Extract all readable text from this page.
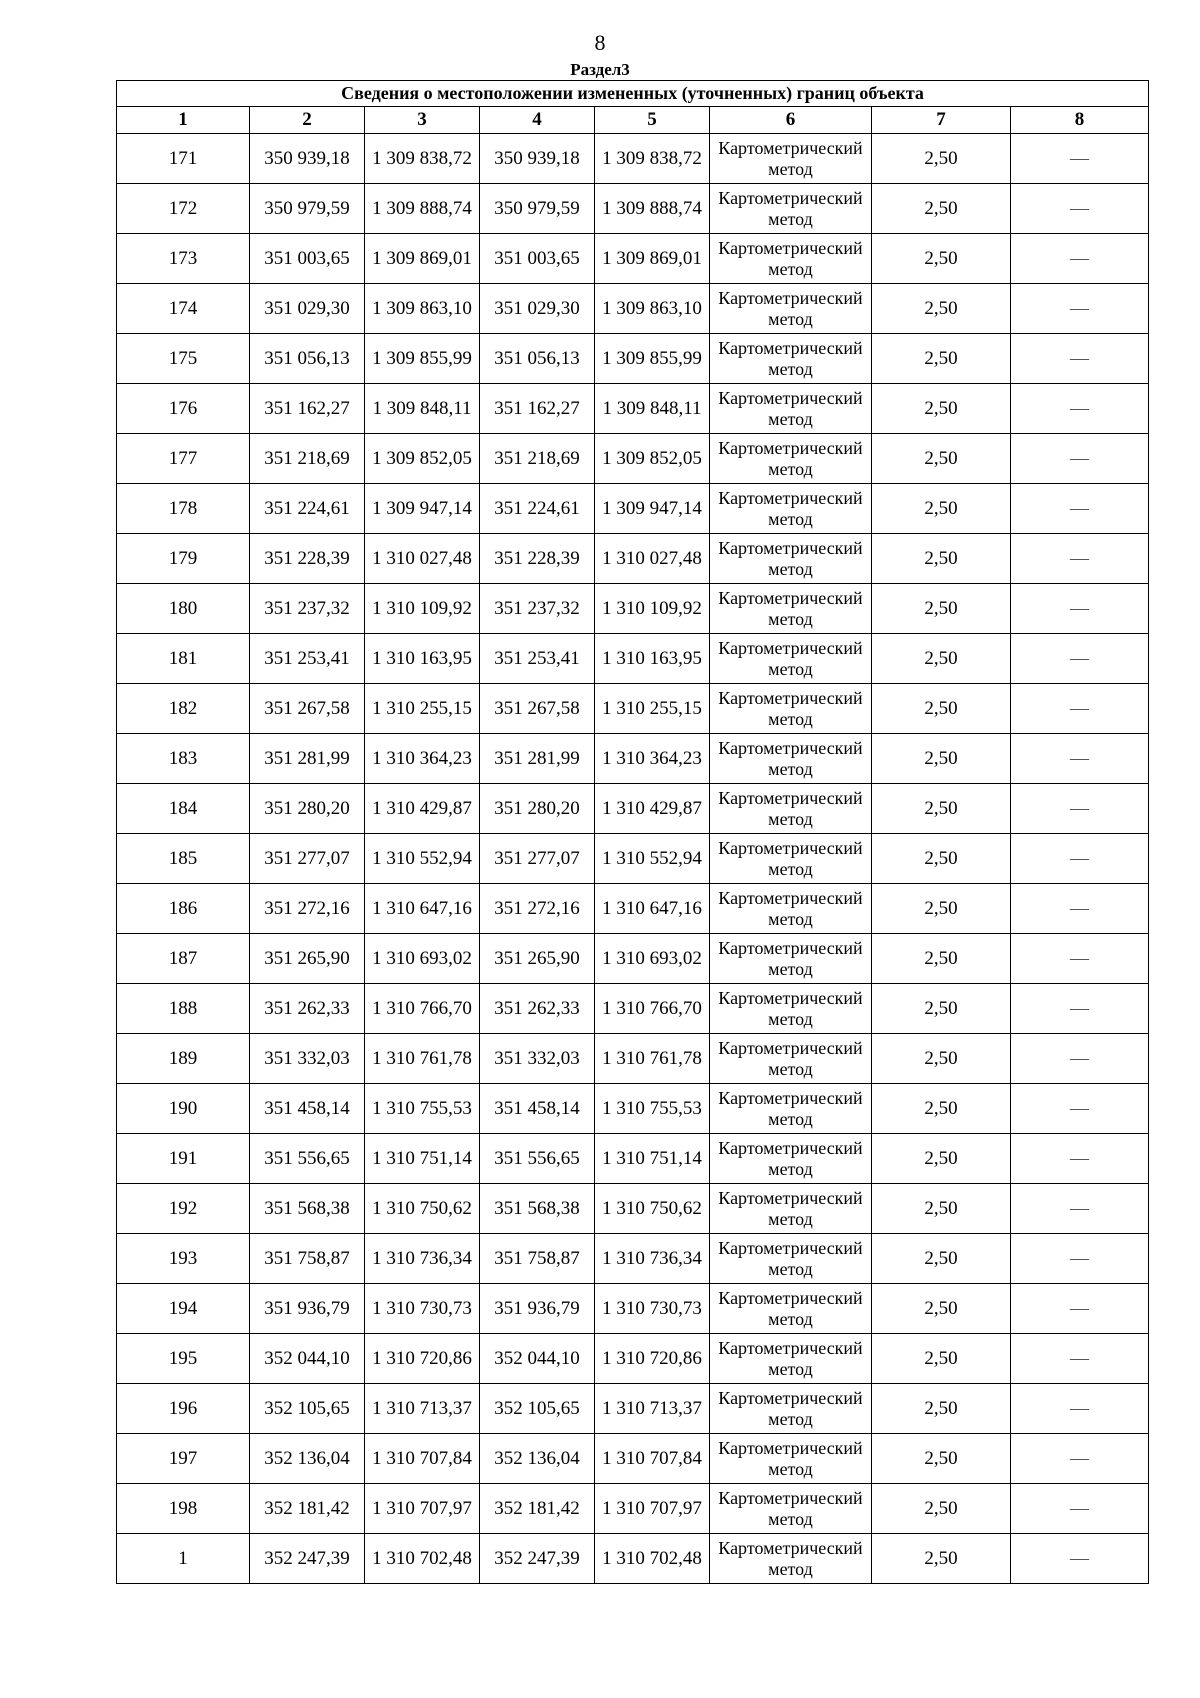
8
Раздел3
Сведения о местоположении измененных (уточненных) границ объекта							
1	2	3	4	5	6	7	8
171	350 939,18	1 309 838,72	350 939,18	1 309 838,72	Картометрический метод	2,50	—
172	350 979,59	1 309 888,74	350 979,59	1 309 888,74	Картометрический метод	2,50	—
173	351 003,65	1 309 869,01	351 003,65	1 309 869,01	Картометрический метод	2,50	—
174	351 029,30	1 309 863,10	351 029,30	1 309 863,10	Картометрический метод	2,50	—
175	351 056,13	1 309 855,99	351 056,13	1 309 855,99	Картометрический метод	2,50	—
176	351 162,27	1 309 848,11	351 162,27	1 309 848,11	Картометрический метод	2,50	—
177	351 218,69	1 309 852,05	351 218,69	1 309 852,05	Картометрический метод	2,50	—
178	351 224,61	1 309 947,14	351 224,61	1 309 947,14	Картометрический метод	2,50	—
179	351 228,39	1 310 027,48	351 228,39	1 310 027,48	Картометрический метод	2,50	—
180	351 237,32	1 310 109,92	351 237,32	1 310 109,92	Картометрический метод	2,50	—
181	351 253,41	1 310 163,95	351 253,41	1 310 163,95	Картометрический метод	2,50	—
182	351 267,58	1 310 255,15	351 267,58	1 310 255,15	Картометрический метод	2,50	—
183	351 281,99	1 310 364,23	351 281,99	1 310 364,23	Картометрический метод	2,50	—
184	351 280,20	1 310 429,87	351 280,20	1 310 429,87	Картометрический метод	2,50	—
185	351 277,07	1 310 552,94	351 277,07	1 310 552,94	Картометрический метод	2,50	—
186	351 272,16	1 310 647,16	351 272,16	1 310 647,16	Картометрический метод	2,50	—
187	351 265,90	1 310 693,02	351 265,90	1 310 693,02	Картометрический метод	2,50	—
188	351 262,33	1 310 766,70	351 262,33	1 310 766,70	Картометрический метод	2,50	—
189	351 332,03	1 310 761,78	351 332,03	1 310 761,78	Картометрический метод	2,50	—
190	351 458,14	1 310 755,53	351 458,14	1 310 755,53	Картометрический метод	2,50	—
191	351 556,65	1 310 751,14	351 556,65	1 310 751,14	Картометрический метод	2,50	—
192	351 568,38	1 310 750,62	351 568,38	1 310 750,62	Картометрический метод	2,50	—
193	351 758,87	1 310 736,34	351 758,87	1 310 736,34	Картометрический метод	2,50	—
194	351 936,79	1 310 730,73	351 936,79	1 310 730,73	Картометрический метод	2,50	—
195	352 044,10	1 310 720,86	352 044,10	1 310 720,86	Картометрический метод	2,50	—
196	352 105,65	1 310 713,37	352 105,65	1 310 713,37	Картометрический метод	2,50	—
197	352 136,04	1 310 707,84	352 136,04	1 310 707,84	Картометрический метод	2,50	—
198	352 181,42	1 310 707,97	352 181,42	1 310 707,97	Картометрический метод	2,50	—
1	352 247,39	1 310 702,48	352 247,39	1 310 702,48	Картометрический метод	2,50	—
